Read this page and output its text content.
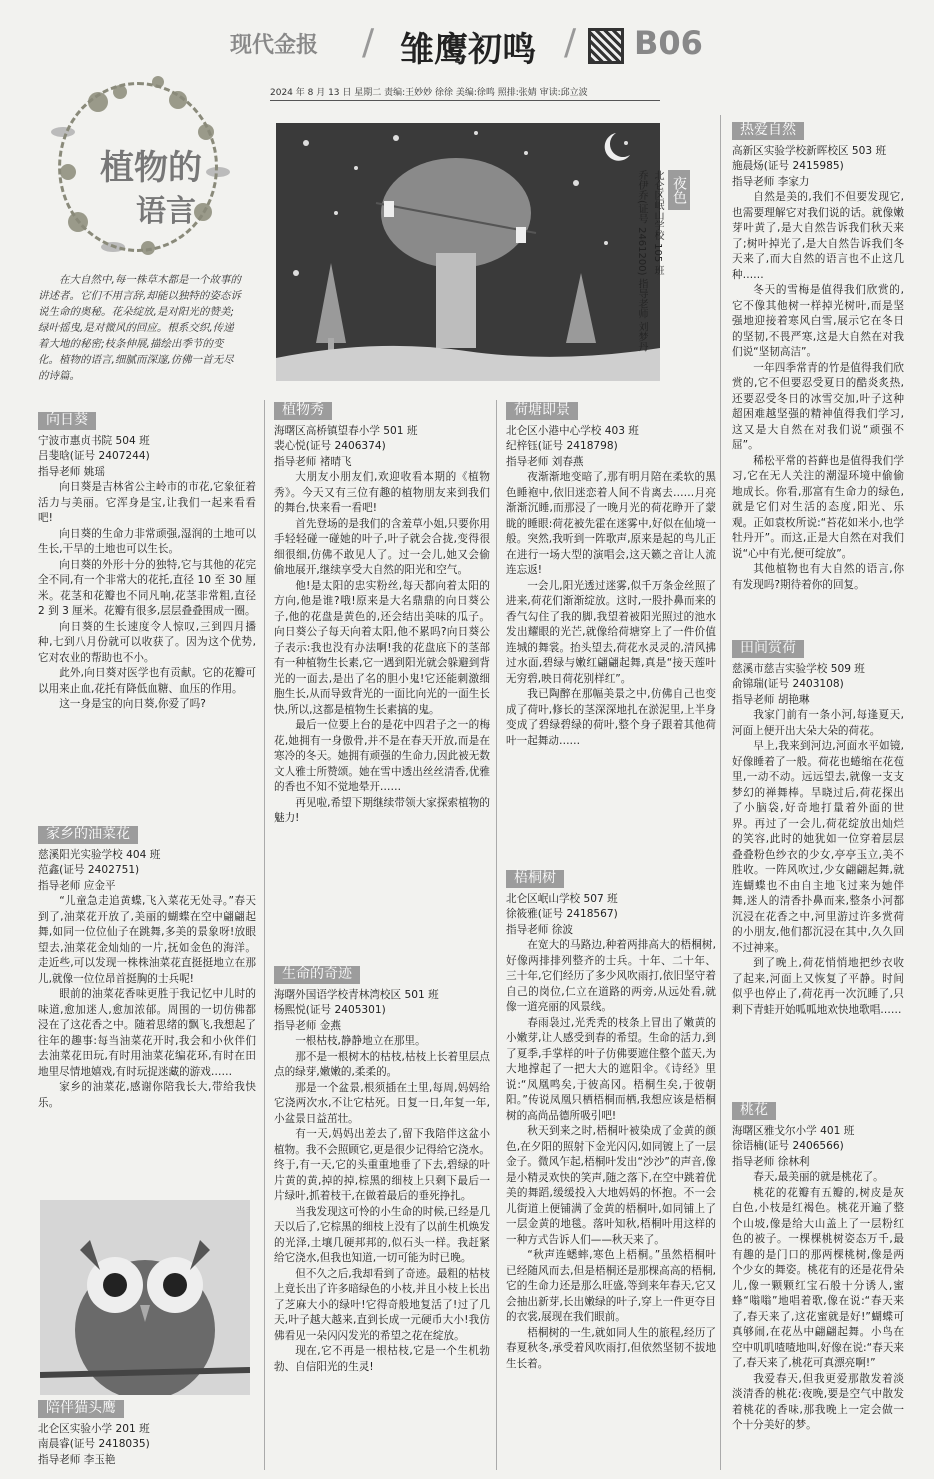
现代金报 / 雏鹰初鸣 / B06
2024 年 8 月 13 日 星期二 责编:王妙妙 徐徐 美编:徐鸣 照排:张婧 审读:邱立波
植物的
语言
在大自然中,每一株草木都是一个故事的讲述者。它们不用言辞,却能以独特的姿态诉说生命的奥秘。花朵绽放,是对阳光的赞美;绿叶摇曳,是对微风的回应。根系交织,传递着大地的秘密;枝条伸展,描绘出季节的变化。植物的语言,细腻而深邃,仿佛一首无尽的诗篇。
夜色
北仑区岷山学校 105 班
乔伊乔(证号 2461200) 指导老师 刘梦丹
向日葵
宁波市惠贞书院 504 班
吕斐晗(证号 2407244)
指导老师 姚瑶

向日葵是吉林省公主岭市的市花,它象征着活力与美丽。它浑身是宝,让我们一起来看看吧!

向日葵的生命力非常顽强,湿润的土地可以生长,干旱的土地也可以生长。

向日葵的外形十分的独特,它与其他的花完全不同,有一个非常大的花托,直径 10 至 30 厘米。花茎和花瓣也不同凡响,花茎非常粗,直径 2 到 3 厘米。花瓣有很多,层层叠叠围成一圈。

向日葵的生长速度令人惊叹,三到四月播种,七到八月份就可以收获了。因为这个优势,它对农业的帮助也不小。

此外,向日葵对医学也有贡献。它的花瓣可以用来止血,花托有降低血糖、血压的作用。

这一身是宝的向日葵,你爱了吗?

家乡的油菜花
慈溪阳光实验学校 404 班
范鑫(证号 2402751)
指导老师 应金平

“儿童急走追黄蝶,飞入菜花无处寻。”春天到了,油菜花开放了,美丽的蝴蝶在空中翩翩起舞,如同一位位仙子在跳舞,多美的景象呀!放眼望去,油菜花金灿灿的一片,抚如金色的海洋。走近些,可以发现一株株油菜花直挺挺地立在那儿,就像一位位昂首挺胸的士兵呢!

眼前的油菜花香味更胜于我记忆中儿时的味道,愈加迷人,愈加浓郁。周围的一切仿佛都浸在了这花香之中。随着思绪的飘飞,我想起了往年的趣事:每当油菜花开时,我会和小伙伴们去油菜花田玩,有时用油菜花编花环,有时在田地里尽情地嬉戏,有时玩捉迷藏的游戏……

家乡的油菜花,感谢你陪我长大,带给我快乐。

陪伴猫头鹰
北仑区实验小学 201 班
南晨睿(证号 2418035)
指导老师 李玉艳
植物秀
海曙区高桥镇望春小学 501 班
裴心悦(证号 2406374)
指导老师 褚晴飞

大朋友小朋友们,欢迎收看本期的《植物秀》。今天又有三位有趣的植物朋友来到我们的舞台,快来看一看吧!

首先登场的是我们的含羞草小姐,只要你用手轻轻碰一碰她的叶子,叶子就会合拢,变得很细很细,仿佛不敢见人了。过一会儿,她又会偷偷地展开,继续享受大自然的阳光和空气。

他!是太阳的忠实粉丝,每天都向着太阳的方向,他是谁?哦!原来是大名鼎鼎的向日葵公子,他的花盘是黄色的,还会结出美味的瓜子。向日葵公子每天向着太阳,他不累吗?向日葵公子表示:我也没有办法啊!我的花盘底下的茎部有一种植物生长素,它一遇到阳光就会躲避到背光的一面去,是出了名的胆小鬼!它还能刺激细胞生长,从而导致背光的一面比向光的一面生长快,所以,这都是植物生长素搞的鬼。

最后一位要上台的是花中四君子之一的梅花,她拥有一身傲骨,并不是在春天开放,而是在寒冷的冬天。她拥有顽强的生命力,因此被无数文人雅士所赞颂。她在雪中透出丝丝清香,优雅的香也不知不觉地晕开……

再见啦,希望下期继续带领大家探索植物的魅力!

生命的奇迹
海曙外国语学校青林湾校区 501 班
杨熙悦(证号 2405301)
指导老师 金燕

一根枯枝,静静地立在那里。

那不是一根树木的枯枝,枯枝上长着里层点点的绿芽,嫩嫩的,柔柔的。

那是一个盆景,根须插在土里,每周,妈妈给它浇两次水,不让它枯死。日复一日,年复一年,小盆景日益茁壮。

有一天,妈妈出差去了,留下我陪伴这盆小植物。我不会照顾它,更是很少记得给它浇水。终于,有一天,它的头重重地垂了下去,碧绿的叶片黄的黄,掉的掉,棕黑的细枝上只剩下最后一片绿叶,抓着枝干,在做着最后的垂死挣扎。

当我发现这可怜的小生命的时候,已经是几天以后了,它棕黑的细枝上没有了以前生机焕发的光泽,土壤几硬邦邦的,似石头一样。我赶紧给它浇水,但我也知道,一切可能为时已晚。

但不久之后,我却看到了奇迹。最粗的枯枝上竟长出了许多暗绿色的小枝,并且小枝上长出了芝麻大小的绿叶!它得奇般地复活了!过了几天,叶子越大越来,直到长成一元硬币大小!我仿佛看见一朵闪闪发光的希望之花在绽放。

现在,它不再是一根枯枝,它是一个生机勃勃、自信阳光的生灵!

荷塘即景
北仑区小港中心学校 403 班
纪梓钰(证号 2418798)
指导老师 刘春燕

夜渐渐地变暗了,那有明月陪在柔软的黑色睡袍中,依旧迷恋着人间不肯离去……月亮渐渐沉睡,而那浸了一晚月光的荷花睁开了蒙眬的睡眼:荷花被先霍在迷雾中,好似在仙境一般。突然,我听到一阵歌声,原来是起的鸟儿正在进行一场大型的演唱会,这天籁之音让人流连忘返!

一会儿,阳光透过迷雾,似千万条金丝照了进来,荷花们渐渐绽放。这时,一股扑鼻而来的香气勾住了我的脚,我望着被阳光照过的池水发出耀眼的光芒,就像给荷塘穿上了一件价值连城的舞裳。抬头望去,荷花水灵灵的,清风拂过水面,碧绿与嫩红翩翩起舞,真是“接天莲叶无穷碧,映日荷花别样红”。

我已陶醉在那幅美景之中,仿佛自己也变成了荷叶,修长的茎深深地扎在淤泥里,上半身变成了碧绿碧绿的荷叶,整个身子跟着其他荷叶一起舞动……

梧桐树
北仑区岷山学校 507 班
徐筱雅(证号 2418567)
指导老师 徐波

在宽大的马路边,种着两排高大的梧桐树,好像两排排列整齐的士兵。十年、二十年、三十年,它们经历了多少风吹雨打,依旧坚守着自己的岗位,仁立在道路的两旁,从远处看,就像一道亮丽的风景线。

春雨袅过,光秃秃的枝条上冒出了嫩黄的小嫩芽,让人感受到春的希望。生命的活力,到了夏季,手掌样的叶子仿佛要遮住整个蓝天,为大地撑起了一把大大的遮阳伞。《诗经》里说:“凤凰鸣矣,于彼高冈。梧桐生矣,于彼朝阳。”传说凤凰只栖梧桐而栖,我想应该是梧桐树的高尚品德所吸引吧!

秋天到来之时,梧桐叶被染成了金黄的颜色,在夕阳的照射下金光闪闪,如同镀上了一层金子。微风乍起,梧桐叶发出“沙沙”的声音,像是小精灵欢快的笑声,随之落下,在空中跳着优美的舞蹈,缓缓投入大地妈妈的怀抱。不一会儿街道上便铺满了金黄的梧桐叶,如同铺上了一层金黄的地毯。落叶知秋,梧桐叶用这样的一种方式告诉人们——秋天来了。

“秋声连蟋蟀,寒色上梧桐。”虽然梧桐叶已经随风而去,但是梧桐还是那棵高高的梧桐,它的生命力还是那么旺盛,等到来年春天,它又会抽出新芽,长出嫩绿的叶子,穿上一件更夺目的衣裳,展现在我们眼前。

梧桐树的一生,就如同人生的旅程,经历了春夏秋冬,承受着风吹雨打,但依然坚韧不拔地生长着。

热爱自然
高新区实验学校新晖校区 503 班
施晨炀(证号 2415985)
指导老师 李家力

自然是美的,我们不但要发现它,也需要理解它对我们说的话。就像嫩芽叶黄了,是大自然告诉我们秋天来了;树叶掉光了,是大自然告诉我们冬天来了,而大自然的语言也不止这几种……

冬天的雪梅是值得我们欣赏的,它不像其他树一样掉光树叶,而是坚强地迎接着寒风白雪,展示它在冬日的坚韧,不畏严寒,这是大自然在对我们说“坚韧高洁”。

一年四季常青的竹是值得我们欣赏的,它不但要忍受夏日的酷炎炙热,还要忍受冬日的冰雪交加,叶子这种超困难越坚强的精神值得我们学习,这又是大自然在对我们说“顽强不屈”。

稀松平常的苔藓也是值得我们学习,它在无人关注的潮湿环境中偷偷地成长。你看,那富有生命力的绿色,就是它们对生活的态度,阳光、乐观。正如袁枚所说:“苔花如米小,也学牡丹开”。而这,正是大自然在对我们说“心中有光,便可绽放”。

其他植物也有大自然的语言,你有发现吗?期待着你的回复。

田间赏荷
慈溪市慈吉实验学校 509 班
俞锦瑞(证号 2403108)
指导老师 胡艳琳

我家门前有一条小河,每逢夏天,河面上便开出大朵大朵的荷花。

早上,我来到河边,河面水平如镜,好像睡着了一般。荷花也蜷缩在花苞里,一动不动。远远望去,就像一支支梦幻的禅舞棒。旱晓过后,荷花探出了小脑袋,好奇地打量着外面的世界。再过了一会儿,荷花绽放出灿烂的笑容,此时的她犹如一位穿着层层叠叠粉色纱衣的少女,亭亭玉立,美不胜收。一阵风吹过,少女翩翩起舞,就连蝴蝶也不由自主地飞过来为她伴舞,迷人的清香扑鼻而来,整条小河都沉浸在花香之中,河里游过许多赏荷的小朋友,他们都沉浸在其中,久久回不过神来。

到了晚上,荷花悄悄地把纱衣收了起来,河面上又恢复了平静。时间似乎也停止了,荷花再一次沉睡了,只剩下青蛙开始呱呱地欢快地歌唱……

桃花
海曙区雅戈尔小学 401 班
徐语楠(证号 2406566)
指导老师 徐林利

春天,最美丽的就是桃花了。

桃花的花瓣有五瓣的,树皮是灰白色,小枝是红褐色。桃花开遍了整个山坡,像是给大山盖上了一层粉红色的被子。一棵棵桃树姿态万千,最有趣的是门口的那两棵桃树,像是两个少女的舞姿。桃花有的还是花骨朵儿,像一颗颗红宝石般十分诱人,蜜蜂“嗡嗡”地唱着歌,像在说:“春天来了,春天来了,这花蜜就是好!”蝴蝶可真够闹,在花丛中翩翩起舞。小鸟在空中叽叽喳喳地叫,好像在说:“春天来了,春天来了,桃花可真漂亮啊!”

我爱春天,但我更爱那散发着淡淡清香的桃花:夜晚,要是空气中散发着桃花的香味,那我晚上一定会做一个十分美好的梦。
